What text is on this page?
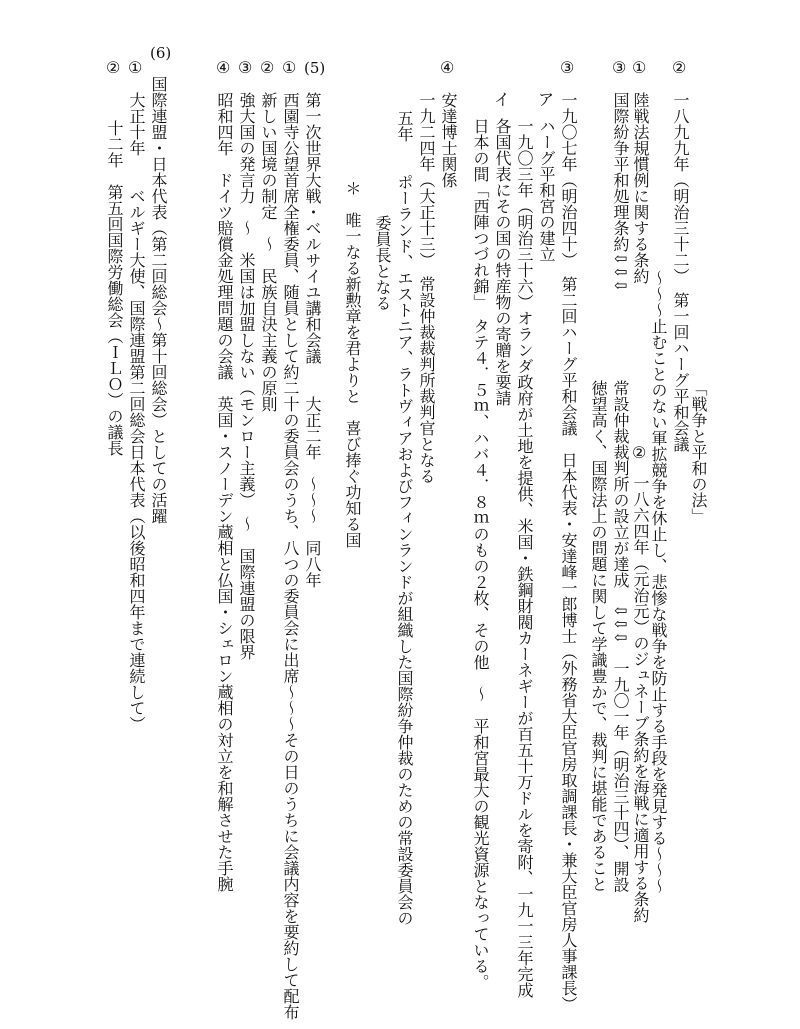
「戦争と平和の法」
②
一八九九年（明治三十二）　第一回ハーグ平和会議
〜〜〜止むことのない軍拡競争を休止し、悲惨な戦争を防止する手段を発見する〜〜〜
①
陸戦法規慣例に関する条約
②
一八六四年（元治元）のジュネーブ条約を海戦に適用する条約
③
国際紛争平和処理条約⇩⇩⇩
常設仲裁裁判所の設立が達成　⇩⇩⇩　一九〇一年（明治三十四）、開設
徳望高く、国際法上の問題に関して学識豊かで、裁判に堪能であること
③
一九〇七年（明治四十）　第二回ハーグ平和会議　日本代表・安達峰一郎博士（外務省大臣官房取調課長・兼大臣官房人事課長）
ア
ハーグ平和宮の建立
一九〇三年（明治三十六）オランダ政府が土地を提供、米国・鉄鋼財閥カーネギーが百五十万ドルを寄附、一九一三年完成
イ
各国代表にその国の特産物の寄贈を要請
日本の間「西陣つづれ錦」　タテ４．５ｍ、ハバ４．８ｍのもの２枚、その他　〜　平和宮最大の観光資源となっている。
④
安達博士関係
一九二四年（大正十三）　常設仲裁裁判所裁判官となる
五年　　ポーランド、エストニア、ラトヴィアおよびフィンランドが組織した国際紛争仲裁のための常設委員会の
委員長となる
＊　唯一なる新勲章を君よりと　喜び捧ぐ功知る国
(5)
第一次世界大戦・ベルサイユ講和会議　　大正二年　〜〜〜　同八年
①
西園寺公望首席全権委員、随員として約二十の委員会のうち、八つの委員会に出席〜〜〜その日のうちに会議内容を要約して配布
②
新しい国境の制定　〜　民族自決主義の原則
③
強大国の発言力　〜　米国は加盟しない（モンロー主義）　〜　国際連盟の限界
④
昭和四年　ドイツ賠償金処理問題の会議　英国・スノーデン蔵相と仏国・シェロン蔵相の対立を和解させた手腕
(6)
国際連盟・日本代表（第二回総会〜第十回総会）としての活躍
①
大正十年　　ベルギー大使、国際連盟第二回総会日本代表（以後昭和四年まで連続して）
②
十二年　第五回国際労働総会（ＩＬＯ）の議長
